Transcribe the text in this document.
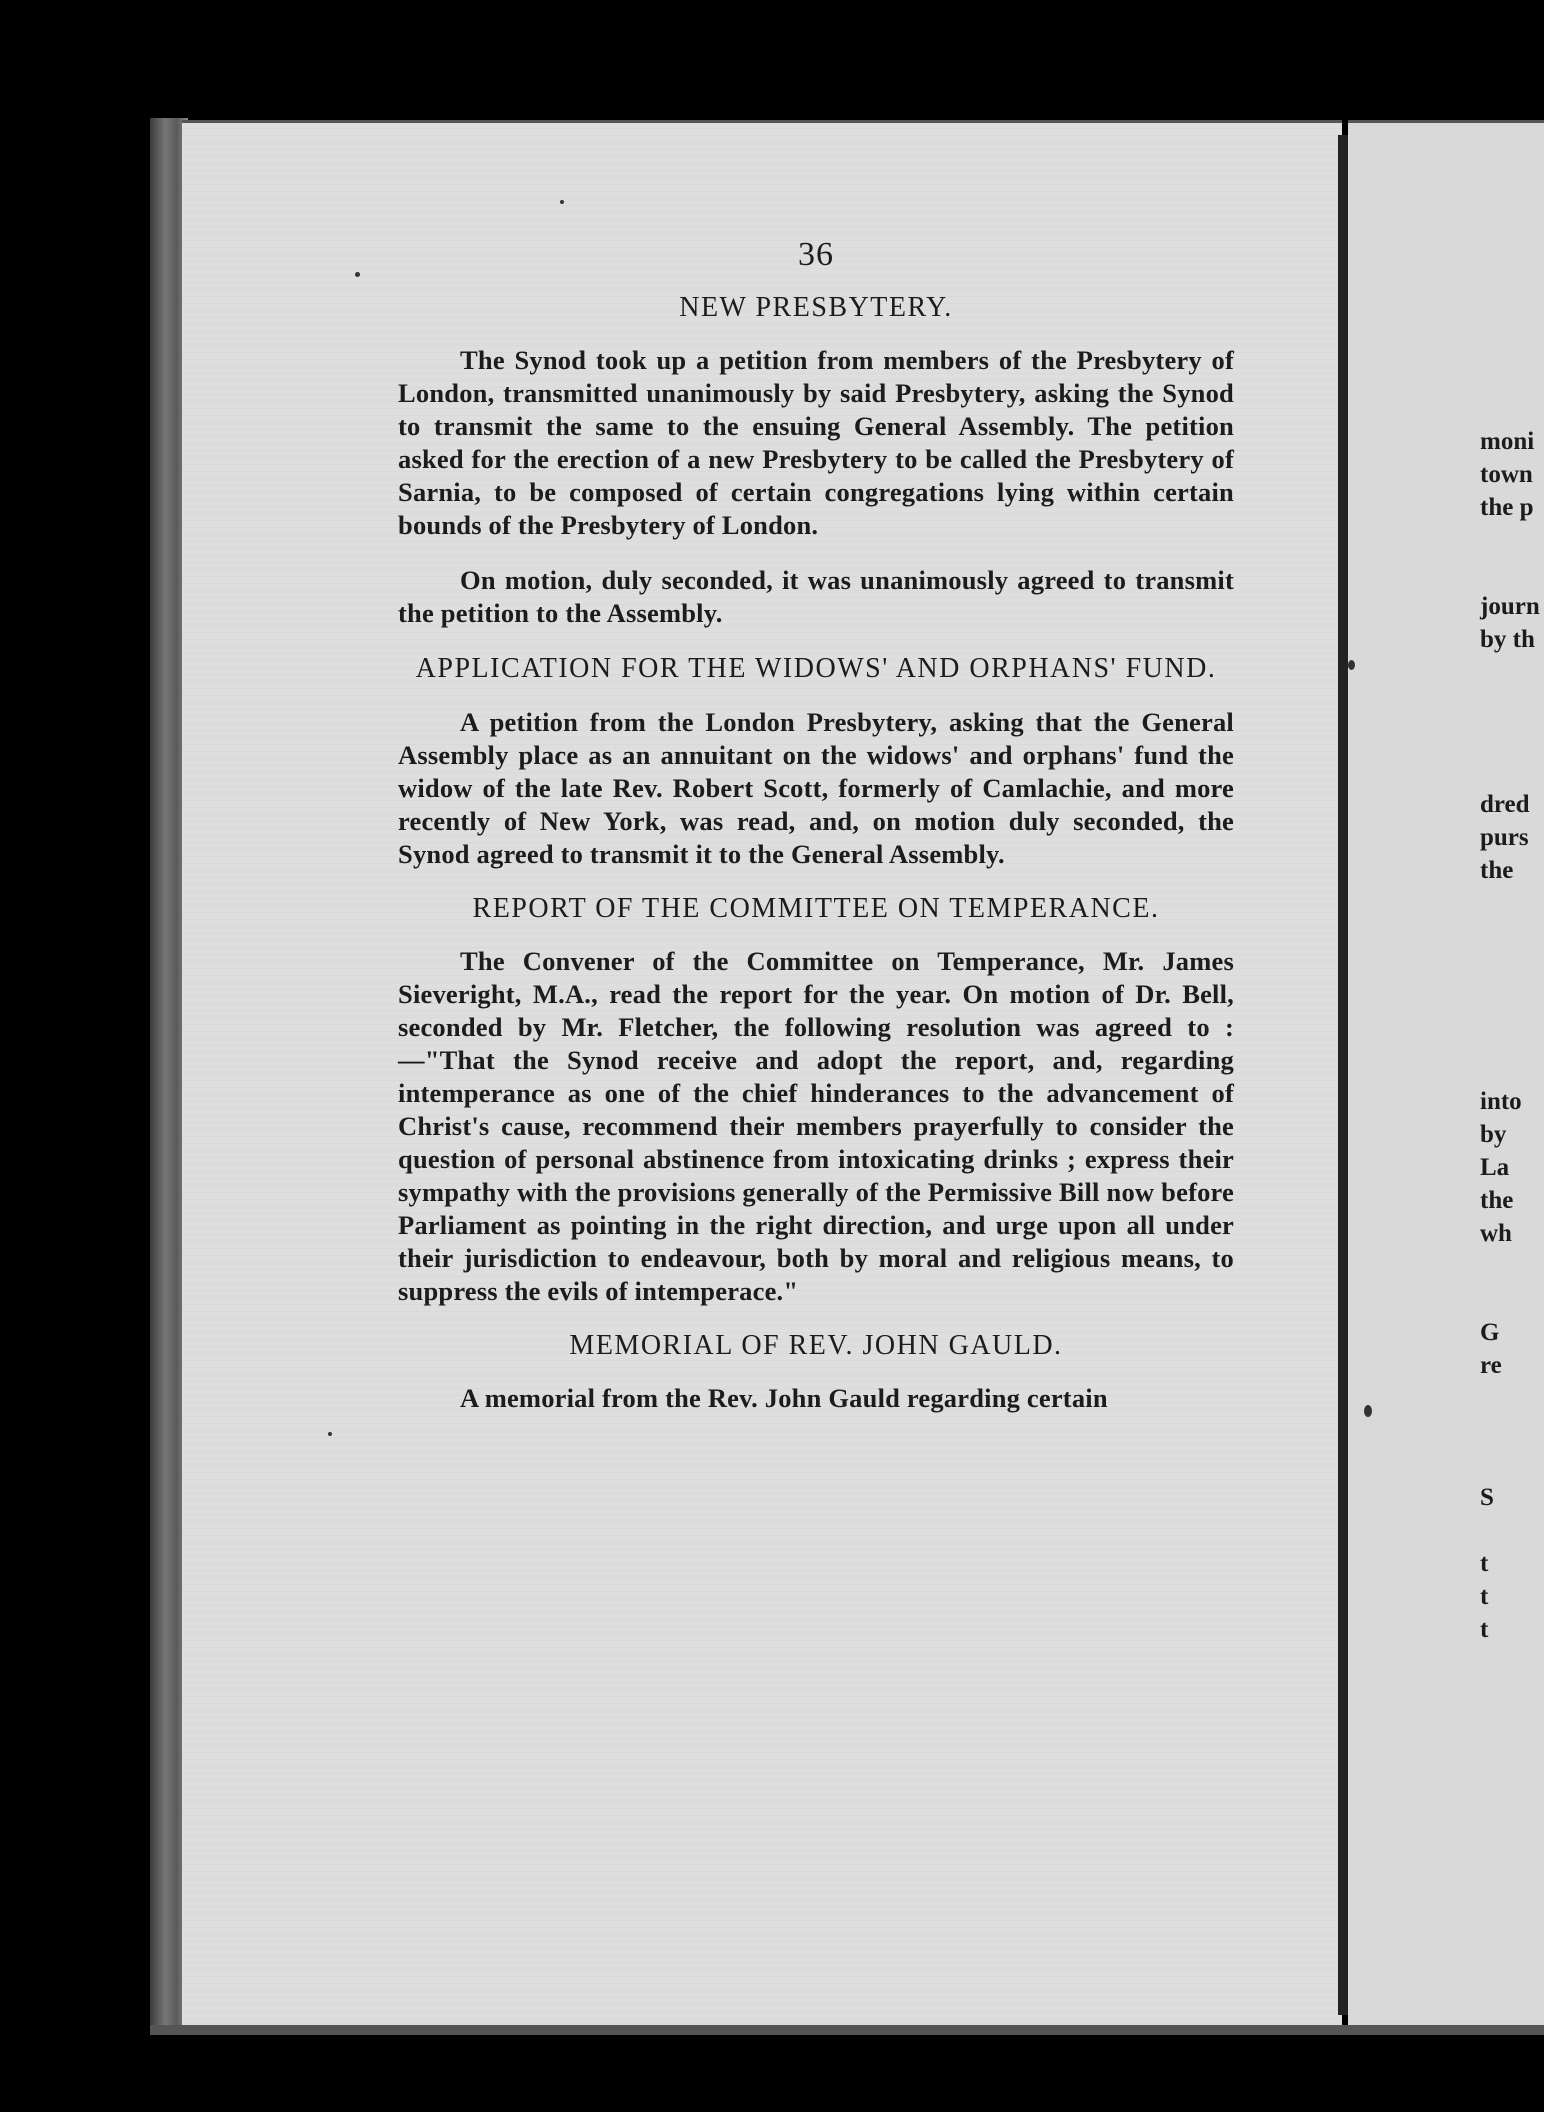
36
NEW PRESBYTERY.

The Synod took up a petition from members of the Presbytery of London, transmitted unanimously by said Presbytery, asking the Synod to transmit the same to the ensuing General Assembly. The petition asked for the erection of a new Presbytery to be called the Presbytery of Sarnia, to be composed of certain congregations lying within certain bounds of the Presbytery of London.

On motion, duly seconded, it was unanimously agreed to transmit the petition to the Assembly.

APPLICATION FOR THE WIDOWS' AND ORPHANS' FUND.

A petition from the London Presbytery, asking that the General Assembly place as an annuitant on the widows' and orphans' fund the widow of the late Rev. Robert Scott, formerly of Camlachie, and more recently of New York, was read, and, on motion duly seconded, the Synod agreed to transmit it to the General Assembly.

REPORT OF THE COMMITTEE ON TEMPERANCE.

The Convener of the Committee on Temperance, Mr. James Sieveright, M.A., read the report for the year. On motion of Dr. Bell, seconded by Mr. Fletcher, the following resolution was agreed to :—"That the Synod receive and adopt the report, and, regarding intemperance as one of the chief hinderances to the advancement of Christ's cause, recommend their members prayerfully to consider the question of personal abstinence from intoxicating drinks ; express their sympathy with the provisions generally of the Permissive Bill now before Parliament as pointing in the right direction, and urge upon all under their jurisdiction to endeavour, both by moral and religious means, to suppress the evils of intemperace."

MEMORIAL OF REV. JOHN GAULD.

A memorial from the Rev. John Gauld regarding certain

moni
town
the p

journ
by th

dred
purs
the

into
by
La
the
wh

G
re

S

t
t
t
